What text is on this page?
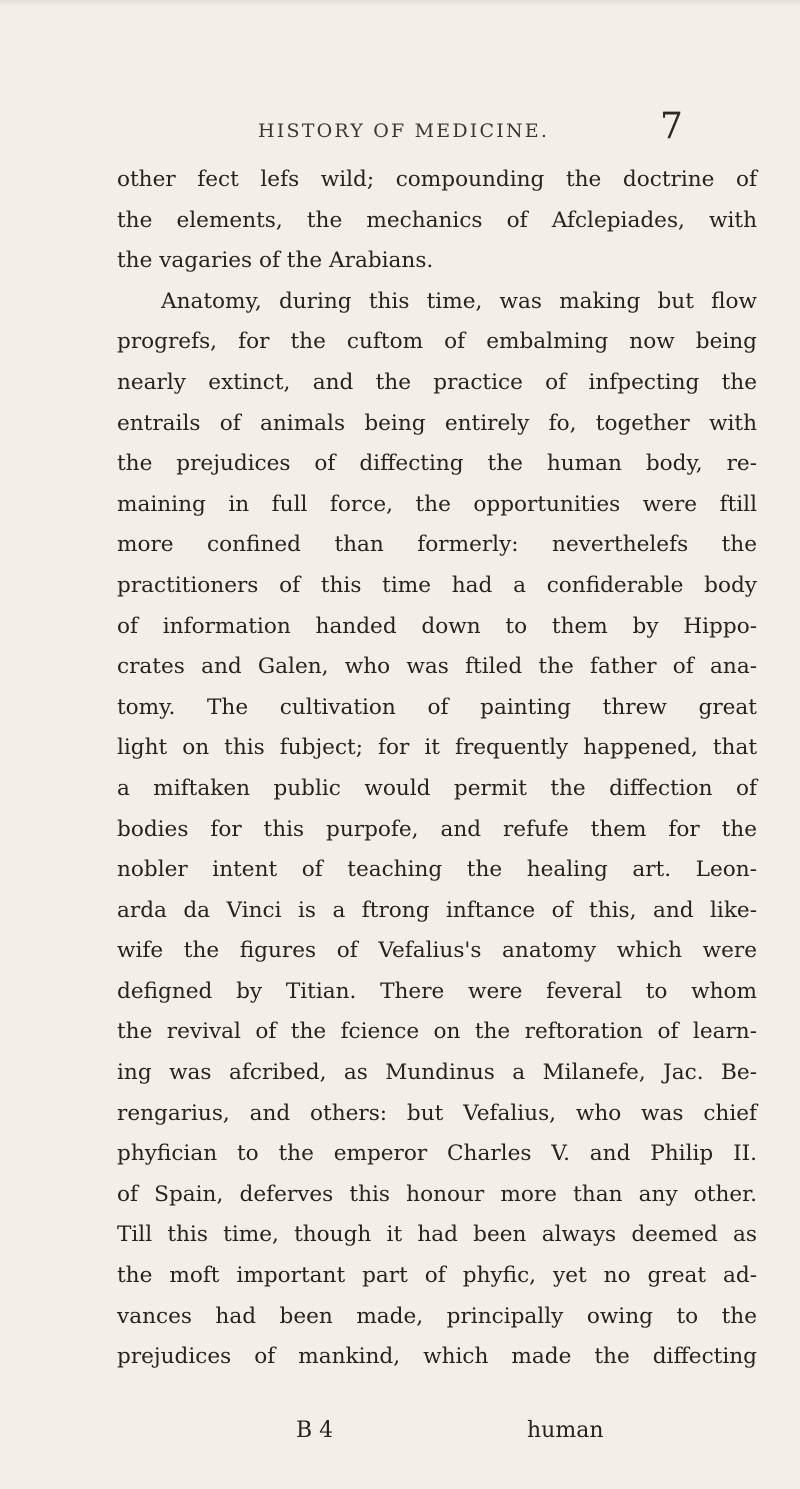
HISTORY OF MEDICINE.	7
other fect lefs wild; compounding the doctrine of
the elements, the mechanics of Afclepiades, with
the vagaries of the Arabians.
Anatomy, during this time, was making but flow
progrefs, for the cuftom of embalming now being
nearly extinct, and the practice of infpecting the
entrails of animals being entirely fo, together with
the prejudices of diffecting the human body, re-
maining in full force, the opportunities were ftill
more confined than formerly: neverthelefs the
practitioners of this time had a confiderable body
of information handed down to them by Hippo-
crates and Galen, who was ftiled the father of ana-
tomy. The cultivation of painting threw great
light on this fubject; for it frequently happened, that
a miftaken public would permit the diffection of
bodies for this purpofe, and refufe them for the
nobler intent of teaching the healing art. Leon-
arda da Vinci is a ftrong inftance of this, and like-
wife the figures of Vefalius's anatomy which were
defigned by Titian. There were feveral to whom
the revival of the fcience on the reftoration of learn-
ing was afcribed, as Mundinus a Milanefe, Jac. Be-
rengarius, and others: but Vefalius, who was chief
phyfician to the emperor Charles V. and Philip II.
of Spain, deferves this honour more than any other.
Till this time, though it had been always deemed as
the moft important part of phyfic, yet no great ad-
vances had been made, principally owing to the
prejudices of mankind, which made the diffecting
B 4	human
